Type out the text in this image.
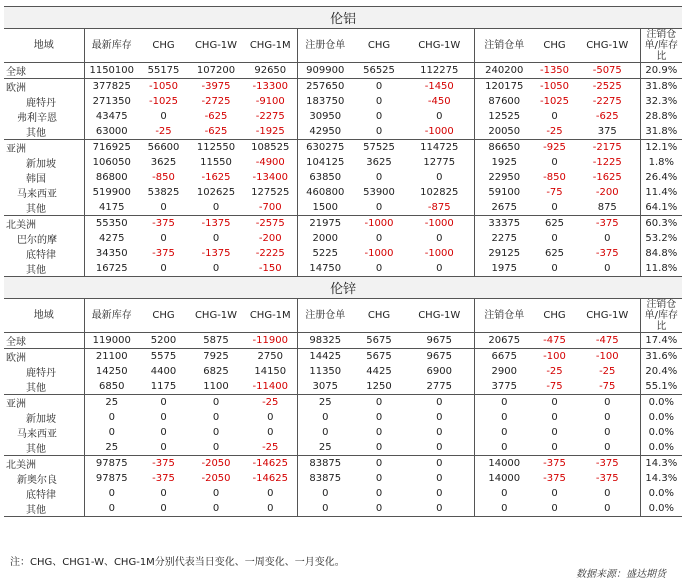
伦铝											
地域	最新库存	CHG	CHG-1W	CHG-1M	注册仓单	CHG	CHG-1W	注销仓单	CHG	CHG-1W	注销仓单/库存比
全球	1150100	55175	107200	92650	909900	56525	112275	240200	-1350	-5075	20.9%
欧洲	377825	-1050	-3975	-13300	257650	0	-1450	120175	-1050	-2525	31.8%
鹿特丹	271350	-1025	-2725	-9100	183750	0	-450	87600	-1025	-2275	32.3%
弗利辛恩	43475	0	-625	-2275	30950	0	0	12525	0	-625	28.8%
其他	63000	-25	-625	-1925	42950	0	-1000	20050	-25	375	31.8%
亚洲	716925	56600	112550	108525	630275	57525	114725	86650	-925	-2175	12.1%
新加坡	106050	3625	11550	-4900	104125	3625	12775	1925	0	-1225	1.8%
韩国	86800	-850	-1625	-13400	63850	0	0	22950	-850	-1625	26.4%
马来西亚	519900	53825	102625	127525	460800	53900	102825	59100	-75	-200	11.4%
其他	4175	0	0	-700	1500	0	-875	2675	0	875	64.1%
北美洲	55350	-375	-1375	-2575	21975	-1000	-1000	33375	625	-375	60.3%
巴尔的摩	4275	0	0	-200	2000	0	0	2275	0	0	53.2%
底特律	34350	-375	-1375	-2225	5225	-1000	-1000	29125	625	-375	84.8%
其他	16725	0	0	-150	14750	0	0	1975	0	0	11.8%
伦锌											
地域	最新库存	CHG	CHG-1W	CHG-1M	注册仓单	CHG	CHG-1W	注销仓单	CHG	CHG-1W	注销仓单/库存比
全球	119000	5200	5875	-11900	98325	5675	9675	20675	-475	-475	17.4%
欧洲	21100	5575	7925	2750	14425	5675	9675	6675	-100	-100	31.6%
鹿特丹	14250	4400	6825	14150	11350	4425	6900	2900	-25	-25	20.4%
其他	6850	1175	1100	-11400	3075	1250	2775	3775	-75	-75	55.1%
亚洲	25	0	0	-25	25	0	0	0	0	0	0.0%
新加坡	0	0	0	0	0	0	0	0	0	0	0.0%
马来西亚	0	0	0	0	0	0	0	0	0	0	0.0%
其他	25	0	0	-25	25	0	0	0	0	0	0.0%
北美洲	97875	-375	-2050	-14625	83875	0	0	14000	-375	-375	14.3%
新奥尔良	97875	-375	-2050	-14625	83875	0	0	14000	-375	-375	14.3%
底特律	0	0	0	0	0	0	0	0	0	0	0.0%
其他	0	0	0	0	0	0	0	0	0	0	0.0%
注：CHG、CHG1-W、CHG-1M分别代表当日变化、一周变化、一月变化。
数据来源：盛达期货
